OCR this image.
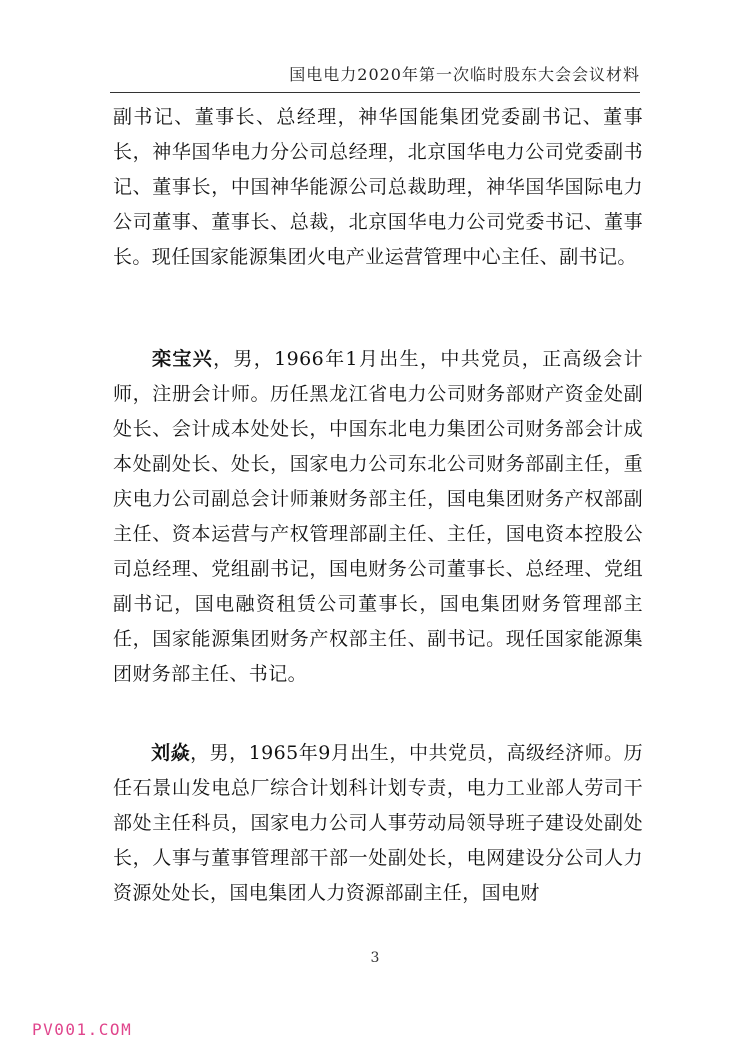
国电电力2020年第一次临时股东大会会议材料
副书记、董事长、总经理，神华国能集团党委副书记、董事长，神华国华电力分公司总经理，北京国华电力公司党委副书记、董事长，中国神华能源公司总裁助理，神华国华国际电力公司董事、董事长、总裁，北京国华电力公司党委书记、董事长。现任国家能源集团火电产业运营管理中心主任、副书记。
栾宝兴，男，1966年1月出生，中共党员，正高级会计师，注册会计师。历任黑龙江省电力公司财务部财产资金处副处长、会计成本处处长，中国东北电力集团公司财务部会计成本处副处长、处长，国家电力公司东北公司财务部副主任，重庆电力公司副总会计师兼财务部主任，国电集团财务产权部副主任、资本运营与产权管理部副主任、主任，国电资本控股公司总经理、党组副书记，国电财务公司董事长、总经理、党组副书记，国电融资租赁公司董事长，国电集团财务管理部主任，国家能源集团财务产权部主任、副书记。现任国家能源集团财务部主任、书记。
刘焱，男，1965年9月出生，中共党员，高级经济师。历任石景山发电总厂综合计划科计划专责，电力工业部人劳司干部处主任科员，国家电力公司人事劳动局领导班子建设处副处长，人事与董事管理部干部一处副处长，电网建设分公司人力资源处处长，国电集团人力资源部副主任，国电财
3
PV001.COM
